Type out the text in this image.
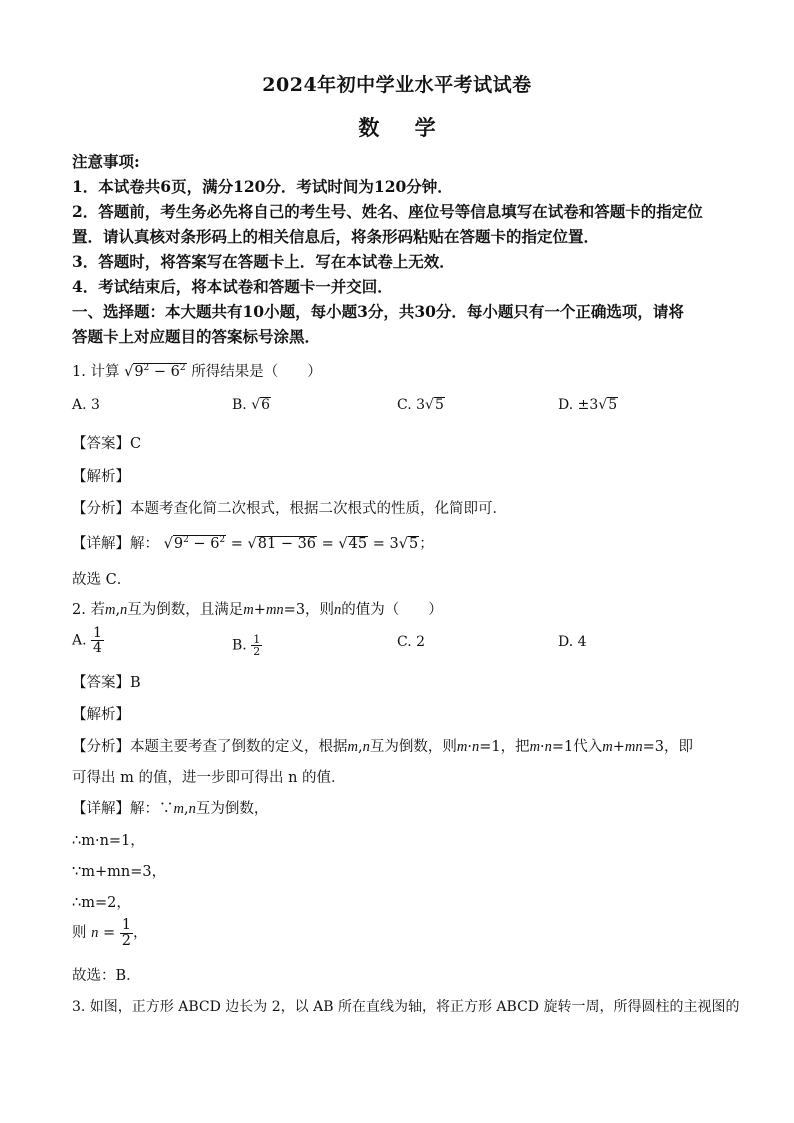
2024年初中学业水平考试试卷
数 学
注意事项:
1．本试卷共6页，满分120分．考试时间为120分钟．
2．答题前，考生务必先将自己的考生号、姓名、座位号等信息填写在试卷和答题卡的指定位
置．请认真核对条形码上的相关信息后，将条形码粘贴在答题卡的指定位置．
3．答题时，将答案写在答题卡上．写在本试卷上无效．
4．考试结束后，将本试卷和答题卡一并交回．
一、选择题：本大题共有10小题，每小题3分，共30分．每小题只有一个正确选项，请将
答题卡上对应题目的答案标号涂黑．
1. 计算 $√9^2 - 6^2$ 所得结果是（　　）
A. 3	B. √6	C. 3√5	D. ±3√5
【答案】C
【解析】
【分析】本题考查化简二次根式，根据二次根式的性质，化简即可．
【详解】解： $√9^2 - 6^2 = √81 - 36 = √45 = 3√5$；
故选 C．
2. 若m,n互为倒数，且满足m+mn=3，则n的值为（　　）
A. $\frac{1}{4}$	B. $\frac{1}{2}$	C. 2	D. 4
【答案】B
【解析】
【分析】本题主要考查了倒数的定义，根据m,n互为倒数，则m·n=1，把m·n=1代入m+mn=3，即
可得出 m 的值，进一步即可得出 n 的值．
【详解】解：∵m,n互为倒数，
∴m·n=1，
∵m+mn=3，
∴m=2，
则 $n = \frac{1}{2}$ ，
故选：B．
3. 如图，正方形 ABCD 边长为 2，以 AB 所在直线为轴，将正方形 ABCD 旋转一周，所得圆柱的主视图的
